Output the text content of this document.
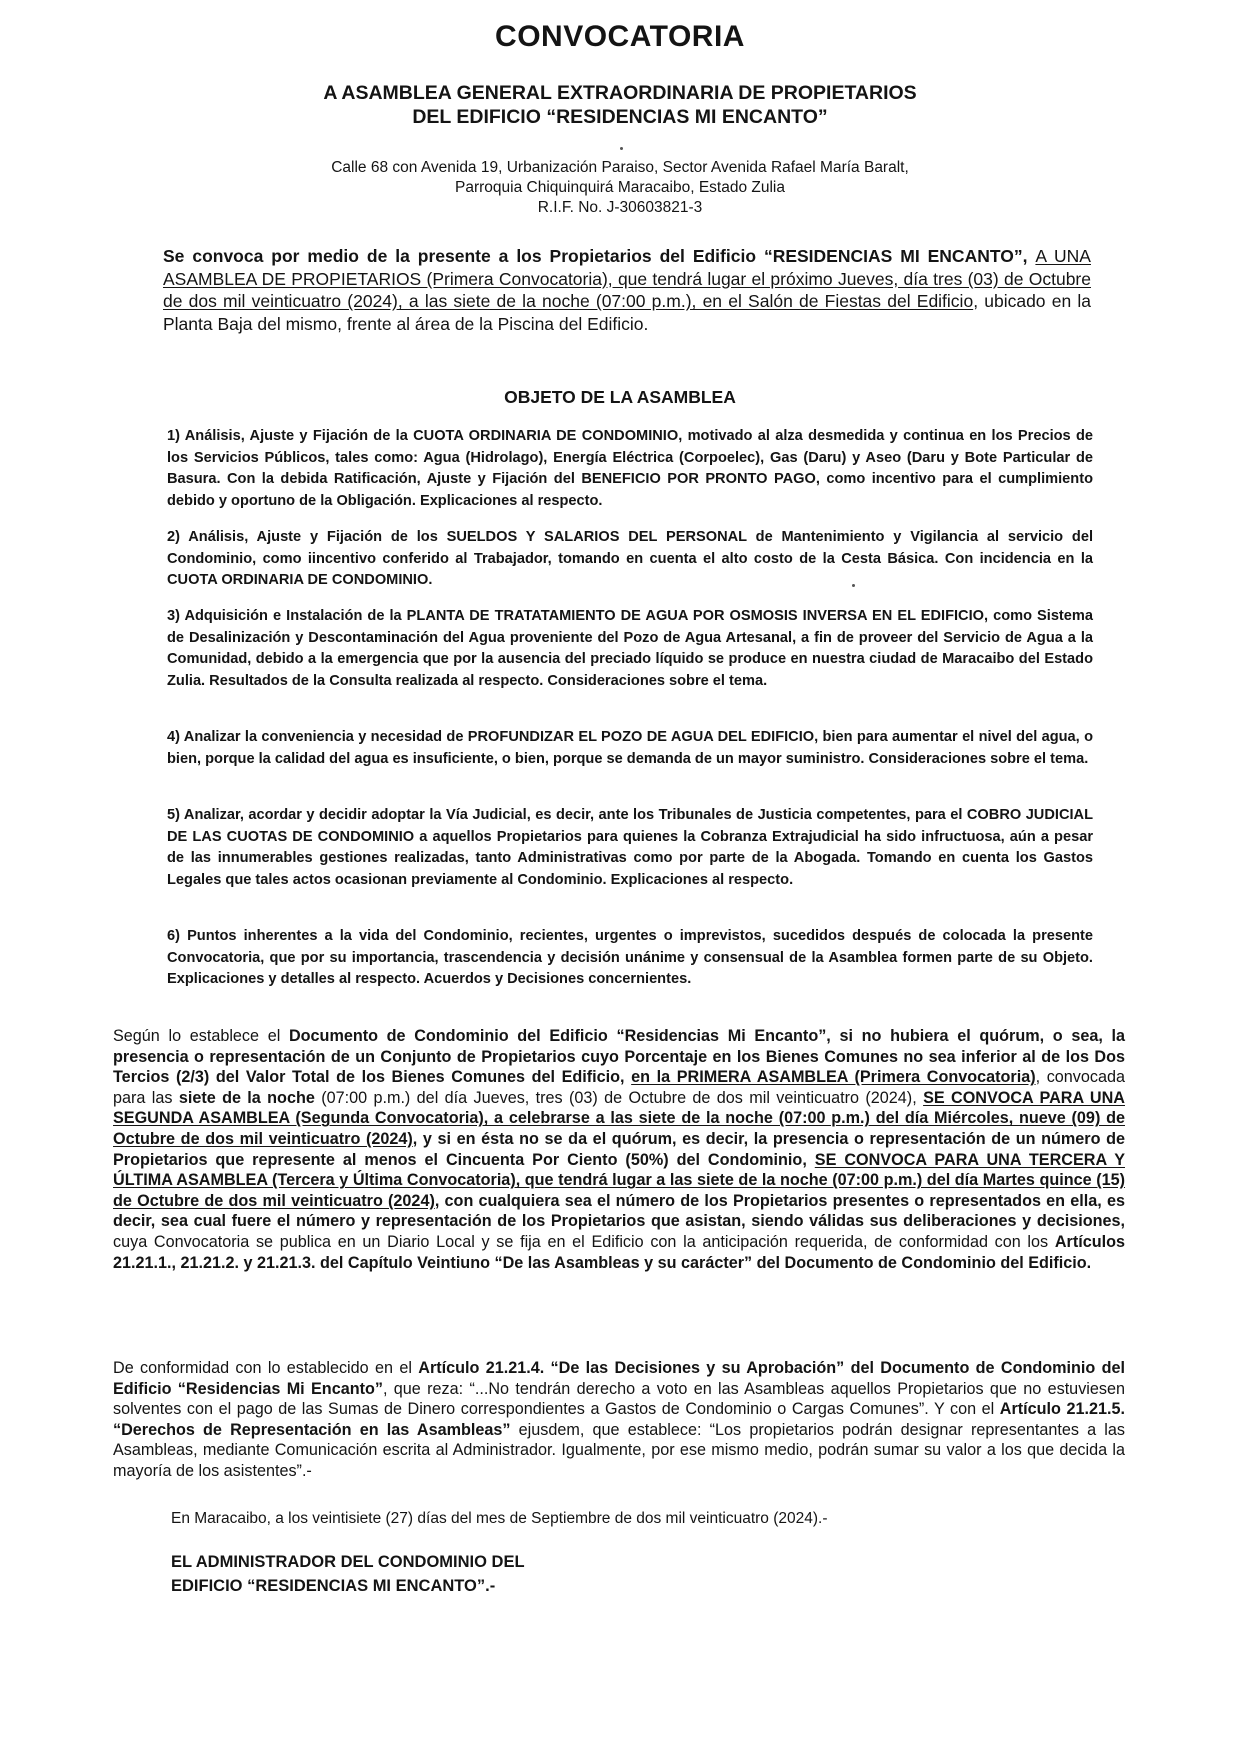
CONVOCATORIA
A ASAMBLEA GENERAL EXTRAORDINARIA DE PROPIETARIOS
DEL EDIFICIO “RESIDENCIAS MI ENCANTO”
Calle 68 con Avenida 19, Urbanización Paraiso, Sector Avenida Rafael María Baralt,
Parroquia Chiquinquirá Maracaibo, Estado Zulia
R.I.F. No. J-30603821-3
Se convoca por medio de la presente a los Propietarios del Edificio “RESIDENCIAS MI ENCANTO”, A UNA ASAMBLEA DE PROPIETARIOS (Primera Convocatoria), que tendrá lugar el próximo Jueves, día tres (03) de Octubre de dos mil veinticuatro (2024), a las siete de la noche (07:00 p.m.), en el Salón de Fiestas del Edificio, ubicado en la Planta Baja del mismo, frente al área de la Piscina del Edificio.
OBJETO DE LA ASAMBLEA
1) Análisis, Ajuste y Fijación de la CUOTA ORDINARIA DE CONDOMINIO, motivado al alza desmedida y continua en los Precios de los Servicios Públicos, tales como: Agua (Hidrolago), Energía Eléctrica (Corpoelec), Gas (Daru) y Aseo (Daru y Bote Particular de Basura. Con la debida Ratificación, Ajuste y Fijación del BENEFICIO POR PRONTO PAGO, como incentivo para el cumplimiento debido y oportuno de la Obligación. Explicaciones al respecto.
2) Análisis, Ajuste y Fijación de los SUELDOS Y SALARIOS DEL PERSONAL de Mantenimiento y Vigilancia al servicio del Condominio, como iincentivo conferido al Trabajador, tomando en cuenta el alto costo de la Cesta Básica. Con incidencia en la CUOTA ORDINARIA DE CONDOMINIO.
3) Adquisición e Instalación de la PLANTA DE TRATATAMIENTO DE AGUA POR OSMOSIS INVERSA EN EL EDIFICIO, como Sistema de Desalinización y Descontaminación del Agua proveniente del Pozo de Agua Artesanal, a fin de proveer del Servicio de Agua a la Comunidad, debido a la emergencia que por la ausencia del preciado líquido se produce en nuestra ciudad de Maracaibo del Estado Zulia. Resultados de la Consulta realizada al respecto. Consideraciones sobre el tema.
4) Analizar la conveniencia y necesidad de PROFUNDIZAR EL POZO DE AGUA DEL EDIFICIO, bien para aumentar el nivel del agua, o bien, porque la calidad del agua es insuficiente, o bien, porque se demanda de un mayor suministro. Consideraciones sobre el tema.
5) Analizar, acordar y decidir adoptar la Vía Judicial, es decir, ante los Tribunales de Justicia competentes, para el COBRO JUDICIAL DE LAS CUOTAS DE CONDOMINIO a aquellos Propietarios para quienes la Cobranza Extrajudicial ha sido infructuosa, aún a pesar de las innumerables gestiones realizadas, tanto Administrativas como por parte de la Abogada. Tomando en cuenta los Gastos Legales que tales actos ocasionan previamente al Condominio. Explicaciones al respecto.
6) Puntos inherentes a la vida del Condominio, recientes, urgentes o imprevistos, sucedidos después de colocada la presente Convocatoria, que por su importancia, trascendencia y decisión unánime y consensual de la Asamblea formen parte de su Objeto. Explicaciones y detalles al respecto. Acuerdos y Decisiones concernientes.
Según lo establece el Documento de Condominio del Edificio “Residencias Mi Encanto”, si no hubiera el quórum, o sea, la presencia o representación de un Conjunto de Propietarios cuyo Porcentaje en los Bienes Comunes no sea inferior al de los Dos Tercios (2/3) del Valor Total de los Bienes Comunes del Edificio, en la PRIMERA ASAMBLEA (Primera Convocatoria), convocada para las siete de la noche (07:00 p.m.) del día Jueves, tres (03) de Octubre de dos mil veinticuatro (2024), SE CONVOCA PARA UNA SEGUNDA ASAMBLEA (Segunda Convocatoria), a celebrarse a las siete de la noche (07:00 p.m.) del día Miércoles, nueve (09) de Octubre de dos mil veinticuatro (2024), y si en ésta no se da el quórum, es decir, la presencia o representación de un número de Propietarios que represente al menos el Cincuenta Por Ciento (50%) del Condominio, SE CONVOCA PARA UNA TERCERA Y ÚLTIMA ASAMBLEA (Tercera y Última Convocatoria), que tendrá lugar a las siete de la noche (07:00 p.m.) del día Martes quince (15) de Octubre de dos mil veinticuatro (2024), con cualquiera sea el número de los Propietarios presentes o representados en ella, es decir, sea cual fuere el número y representación de los Propietarios que asistan, siendo válidas sus deliberaciones y decisiones, cuya Convocatoria se publica en un Diario Local y se fija en el Edificio con la anticipación requerida, de conformidad con los Artículos 21.21.1., 21.21.2. y 21.21.3. del Capítulo Veintiuno “De las Asambleas y su carácter” del Documento de Condominio del Edificio.
De conformidad con lo establecido en el Artículo 21.21.4. “De las Decisiones y su Aprobación” del Documento de Condominio del Edificio “Residencias Mi Encanto”, que reza: “...No tendrán derecho a voto en las Asambleas aquellos Propietarios que no estuviesen solventes con el pago de las Sumas de Dinero correspondientes a Gastos de Condominio o Cargas Comunes”. Y con el Artículo 21.21.5. “Derechos de Representación en las Asambleas” ejusdem, que establece: “Los propietarios podrán designar representantes a las Asambleas, mediante Comunicación escrita al Administrador. Igualmente, por ese mismo medio, podrán sumar su valor a los que decida la mayoría de los asistentes”.-
En Maracaibo, a los veintisiete (27) días del mes de Septiembre de dos mil veinticuatro (2024).-
EL ADMINISTRADOR DEL CONDOMINIO DEL
EDIFICIO “RESIDENCIAS MI ENCANTO”.-
